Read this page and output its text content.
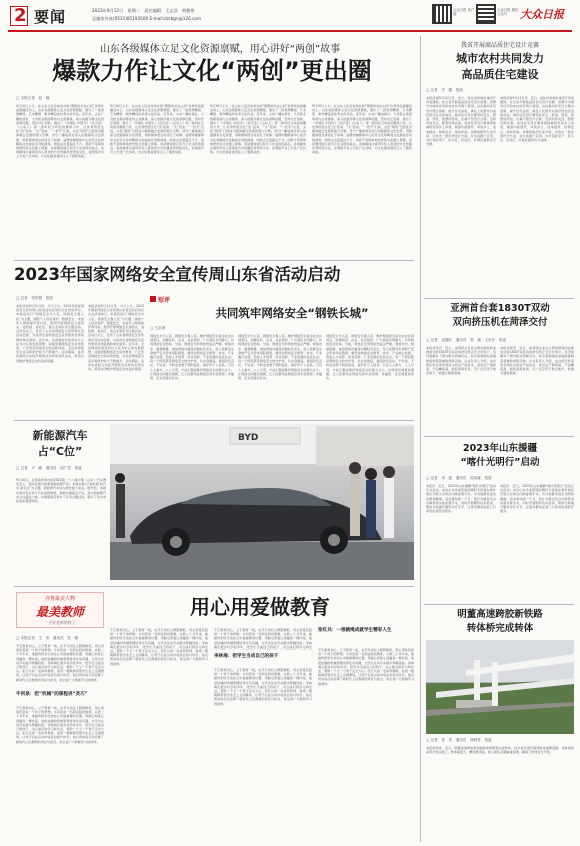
2 要闻	2023年9月12日　星期二　责任编辑　王志浩　黄翼伟
总编室传真(0531)85193500 E-mail:dzrbgn@126.com
大众日报 客户端
大众日报 微信公众号	大众日报
山东各级媒体立足文化资源禀赋，用心讲好“两创”故事
爆款力作让文化“两创”更出圈
□ 本报记者　赵　楠
9月10日上午，在山东人民会堂举办的“理想的光在心间”优秀作品展播活动上，山东各级媒体立足文化资源禀赋，推出了一批思想精深、艺术精湛、制作精良的优秀文化作品。近年来，山东广播电视台、大众报业集团等省内主流媒体，深入挖掘齐鲁文化的深厚底蕴，坚持守正创新，推出了《中国礼 中国乐》《戏宇宙》《山东人》等一批叫好又叫座的爆款力作，让优秀传统文化“活”起来、“火”起来。“一把手”们说，文化“两创”已经成为媒体融合发展的强大引擎。济宁广播电视台深入挖掘儒家文化资源，用新媒体语言讲述孔子故事；淄博市融媒体中心把齐文化和陶琉文化做成系列短视频，网络点击量超过千万。创新不是简单地把传统文化搬上屏幕，而是要找到它和当下生活的连接点。各地媒体注重用年轻人喜欢的方式传播优秀传统文化，在网络平台上引发广泛共鸣，为文化强省建设注入了强劲动能。
9月10日上午，在山东人民会堂举办的“理想的光在心间”优秀作品展播活动上，山东各级媒体立足文化资源禀赋，推出了一批思想精深、艺术精湛、制作精良的优秀文化作品。近年来，山东广播电视台、大众报业集团等省内主流媒体，深入挖掘齐鲁文化的深厚底蕴，坚持守正创新，推出了《中国礼 中国乐》《戏宇宙》《山东人》等一批叫好又叫座的爆款力作，让优秀传统文化“活”起来、“火”起来。“一把手”们说，文化“两创”已经成为媒体融合发展的强大引擎。济宁广播电视台深入挖掘儒家文化资源，用新媒体语言讲述孔子故事；淄博市融媒体中心把齐文化和陶琉文化做成系列短视频，网络点击量超过千万。创新不是简单地把传统文化搬上屏幕，而是要找到它和当下生活的连接点。各地媒体注重用年轻人喜欢的方式传播优秀传统文化，在网络平台上引发广泛共鸣，为文化强省建设注入了强劲动能。
9月10日上午，在山东人民会堂举办的“理想的光在心间”优秀作品展播活动上，山东各级媒体立足文化资源禀赋，推出了一批思想精深、艺术精湛、制作精良的优秀文化作品。近年来，山东广播电视台、大众报业集团等省内主流媒体，深入挖掘齐鲁文化的深厚底蕴，坚持守正创新，推出了《中国礼 中国乐》《戏宇宙》《山东人》等一批叫好又叫座的爆款力作，让优秀传统文化“活”起来、“火”起来。“一把手”们说，文化“两创”已经成为媒体融合发展的强大引擎。济宁广播电视台深入挖掘儒家文化资源，用新媒体语言讲述孔子故事；淄博市融媒体中心把齐文化和陶琉文化做成系列短视频，网络点击量超过千万。创新不是简单地把传统文化搬上屏幕，而是要找到它和当下生活的连接点。各地媒体注重用年轻人喜欢的方式传播优秀传统文化，在网络平台上引发广泛共鸣，为文化强省建设注入了强劲动能。
9月10日上午，在山东人民会堂举办的“理想的光在心间”优秀作品展播活动上，山东各级媒体立足文化资源禀赋，推出了一批思想精深、艺术精湛、制作精良的优秀文化作品。近年来，山东广播电视台、大众报业集团等省内主流媒体，深入挖掘齐鲁文化的深厚底蕴，坚持守正创新，推出了《中国礼 中国乐》《戏宇宙》《山东人》等一批叫好又叫座的爆款力作，让优秀传统文化“活”起来、“火”起来。“一把手”们说，文化“两创”已经成为媒体融合发展的强大引擎。济宁广播电视台深入挖掘儒家文化资源，用新媒体语言讲述孔子故事；淄博市融媒体中心把齐文化和陶琉文化做成系列短视频，网络点击量超过千万。创新不是简单地把传统文化搬上屏幕，而是要找到它和当下生活的连接点。各地媒体注重用年轻人喜欢的方式传播优秀传统文化，在网络平台上引发广泛共鸣，为文化强省建设注入了强劲动能。
2023年国家网络安全宣传周山东省活动启动
□ 记者　张依盟　报道
本报济南9月11日讯　今天上午，2023年国家网络安全宣传周山东省活动启动仪式在济南举行。本届活动以“网络安全为人民，网络安全靠人民”为主题，围绕个人信息保护、数据安全、未成年人网络保护等内容，组织开展网络安全进机关、进校园、进社区、进企业等系列主题活动。启动仪式上，发布了山东省网络安全宣传周系列活动安排，为获得全省网络安全宣传教育优秀案例的单位颁奖。近年来，全省网信系统坚持以人民为中心的发展思想，持续加强网络安全宣传教育，广泛普及网络安全知识和技能，全社会网络安全意识和防护能力不断提升。活动期间，各市也将结合实际开展形式多样的宣传活动，营造共同维护网络安全的良好氛围。
本报济南9月11日讯　今天上午，2023年国家网络安全宣传周山东省活动启动仪式在济南举行。本届活动以“网络安全为人民，网络安全靠人民”为主题，围绕个人信息保护、数据安全、未成年人网络保护等内容，组织开展网络安全进机关、进校园、进社区、进企业等系列主题活动。启动仪式上，发布了山东省网络安全宣传周系列活动安排，为获得全省网络安全宣传教育优秀案例的单位颁奖。近年来，全省网信系统坚持以人民为中心的发展思想，持续加强网络安全宣传教育，广泛普及网络安全知识和技能，全社会网络安全意识和防护能力不断提升。活动期间，各市也将结合实际开展形式多样的宣传活动，营造共同维护网络安全的良好氛围。
短评
共同筑牢网络安全“钢铁长城”
□ 王洪涛
网络安全为人民，网络安全靠人民。维护网络安全是全社会共同责任，需要政府、企业、社会组织、广大网民共同参与，共筑网络安全防线。当前，网络安全形势依然复杂严峻，网络攻击、数据泄露、电信网络诈骗等问题时有发生，给人民群众生命财产安全带来风险隐患。要坚持网络安全教育、技术、产业融合发展，形成人才培养、技术创新、产业发展的良性生态。每一个网民都是网络安全的守护者，从自身做起，提高防范意识，不轻信、不转发来源不明的信息，保护好个人信息。只有人人参与、人人尽责，才能汇聚起维护网络安全的强大合力，让网络空间更加清朗，让人民群众在网络空间中获得感、幸福感、安全感更加充实。
网络安全为人民，网络安全靠人民。维护网络安全是全社会共同责任，需要政府、企业、社会组织、广大网民共同参与，共筑网络安全防线。当前，网络安全形势依然复杂严峻，网络攻击、数据泄露、电信网络诈骗等问题时有发生，给人民群众生命财产安全带来风险隐患。要坚持网络安全教育、技术、产业融合发展，形成人才培养、技术创新、产业发展的良性生态。每一个网民都是网络安全的守护者，从自身做起，提高防范意识，不轻信、不转发来源不明的信息，保护好个人信息。只有人人参与、人人尽责，才能汇聚起维护网络安全的强大合力，让网络空间更加清朗，让人民群众在网络空间中获得感、幸福感、安全感更加充实。
网络安全为人民，网络安全靠人民。维护网络安全是全社会共同责任，需要政府、企业、社会组织、广大网民共同参与，共筑网络安全防线。当前，网络安全形势依然复杂严峻，网络攻击、数据泄露、电信网络诈骗等问题时有发生，给人民群众生命财产安全带来风险隐患。要坚持网络安全教育、技术、产业融合发展，形成人才培养、技术创新、产业发展的良性生态。每一个网民都是网络安全的守护者，从自身做起，提高防范意识，不轻信、不转发来源不明的信息，保护好个人信息。只有人人参与、人人尽责，才能汇聚起维护网络安全的强大合力，让网络空间更加清朗，让人民群众在网络空间中获得感、幸福感、安全感更加充实。
新能源汽车
占“C位”
□ 记者　卢　鹏　通讯员　周广君　报道
9月10日，在济南市举办的2023第二十八届中国（山东）汽车博览会上，观众在展台前参观新能源汽车。本届车展以“新能源 新汽车 新生活”为主题，新能源汽车成为展会最大亮点。据介绍，本届车展共有百余个汽车品牌参展，参展车辆超过千台，其中新能源汽车占比超过六成。车展期间还举办了系列主题活动，吸引了众多市民前来观展购车。
BYD
齐鲁最美人物
最美教师
一名好老师的样子
用心用爱做教育
□ 本报记者　王　伟　通讯员　张　娜
不忘教育初心，立于教育一线，在平凡岗位上默默耕耘，用心用爱托起每一个孩子的梦想。牛河泉是一名职业院校教师，从教二十多年来，他始终把学生放在心中最重要的位置，用耐心和爱心浇灌每一棵幼苗。他把枯燥的机械原理讲得生动有趣，让学生在动手实践中掌握技能。李林海扎根乡村学校多年，把学生当成自己的孩子，关心他们的学习和生活，帮助一个又一个孩子走出大山。张红兵是一名体育教师，他用一根跳绳带领学生走上全国赛场，让孩子们在运动中收获自信与快乐。他们用实际行动诠释了新时代人民教师的责任与担当，是全省广大教师学习的榜样。
牛河泉：把“机械”的课程讲“灵巧”
不忘教育初心，立于教育一线，在平凡岗位上默默耕耘，用心用爱托起每一个孩子的梦想。牛河泉是一名职业院校教师，从教二十多年来，他始终把学生放在心中最重要的位置，用耐心和爱心浇灌每一棵幼苗。他把枯燥的机械原理讲得生动有趣，让学生在动手实践中掌握技能。李林海扎根乡村学校多年，把学生当成自己的孩子，关心他们的学习和生活，帮助一个又一个孩子走出大山。张红兵是一名体育教师，他用一根跳绳带领学生走上全国赛场，让孩子们在运动中收获自信与快乐。他们用实际行动诠释了新时代人民教师的责任与担当，是全省广大教师学习的榜样。
不忘教育初心，立于教育一线，在平凡岗位上默默耕耘，用心用爱托起每一个孩子的梦想。牛河泉是一名职业院校教师，从教二十多年来，他始终把学生放在心中最重要的位置，用耐心和爱心浇灌每一棵幼苗。他把枯燥的机械原理讲得生动有趣，让学生在动手实践中掌握技能。李林海扎根乡村学校多年，把学生当成自己的孩子，关心他们的学习和生活，帮助一个又一个孩子走出大山。张红兵是一名体育教师，他用一根跳绳带领学生走上全国赛场，让孩子们在运动中收获自信与快乐。他们用实际行动诠释了新时代人民教师的责任与担当，是全省广大教师学习的榜样。
不忘教育初心，立于教育一线，在平凡岗位上默默耕耘，用心用爱托起每一个孩子的梦想。牛河泉是一名职业院校教师，从教二十多年来，他始终把学生放在心中最重要的位置，用耐心和爱心浇灌每一棵幼苗。他把枯燥的机械原理讲得生动有趣，让学生在动手实践中掌握技能。李林海扎根乡村学校多年，把学生当成自己的孩子，关心他们的学习和生
李林海：把学生当成自己的孩子
不忘教育初心，立于教育一线，在平凡岗位上默默耕耘，用心用爱托起每一个孩子的梦想。牛河泉是一名职业院校教师，从教二十多年来，他始终把学生放在心中最重要的位置，用耐心和爱心浇灌每一棵幼苗。他把枯燥的机械原理讲得生动有趣，让学生在动手实践中掌握技能。李林海扎根乡村学校多年，把学生当成自己的孩子，关心他们的学习和生活，帮助一个又一个孩子走出大山。张红兵是一名体育教师，他用一根跳绳带领学生走上全国赛场，让孩子们在运动中收获自信与快乐。他们用实际行动诠释了新时代人民教师的责任与担当，是全省广大教师学习的榜样。
张红兵：一根跳绳成就学生精彩人生
不忘教育初心，立于教育一线，在平凡岗位上默默耕耘，用心用爱托起每一个孩子的梦想。牛河泉是一名职业院校教师，从教二十多年来，他始终把学生放在心中最重要的位置，用耐心和爱心浇灌每一棵幼苗。他把枯燥的机械原理讲得生动有趣，让学生在动手实践中掌握技能。李林海扎根乡村学校多年，把学生当成自己的孩子，关心他们的学习和生活，帮助一个又一个孩子走出大山。张红兵是一名体育教师，他用一根跳绳带领学生走上全国赛场，让孩子们在运动中收获自信与快乐。他们用实际行动诠释了新时代人民教师的责任与担当，是全省广大教师学习的榜样。
我省开展商品质住宅设计竞赛
城市农村共同发力
高品质住宅建设
□ 记者　齐　鑫　报道
本报济南9月11日讯　近日，省住房和城乡建设厅印发通知，在全省开展高品质住宅设计竞赛。竞赛分为城市住宅和农村住宅两个类别，旨在推动住宅设计理念创新，提升住宅品质，满足人民群众对美好居住生活的向往。城市住宅设计要坚持安全、舒适、绿色、智慧的原则，注重户型设计合理、空间布局灵活、配套设施完善。农村住宅设计要体现地域特色和乡土风貌，做到功能现代、风貌乡土、成本经济、结构安全、绿色环保。竞赛将组织专家评审，评选出一批优秀设计方案，在全省推广应用，为打造好房子、好小区、好社区、好城区提供有力支撑。
本报济南9月11日讯　近日，省住房和城乡建设厅印发通知，在全省开展高品质住宅设计竞赛。竞赛分为城市住宅和农村住宅两个类别，旨在推动住宅设计理念创新，提升住宅品质，满足人民群众对美好居住生活的向往。城市住宅设计要坚持安全、舒适、绿色、智慧的原则，注重户型设计合理、空间布局灵活、配套设施完善。农村住宅设计要体现地域特色和乡土风貌，做到功能现代、风貌乡土、成本经济、结构安全、绿色环保。竞赛将组织专家评审，评选出一批优秀设计方案，在全省推广应用，为打造好房子、好小区、好社区、好城区提供有力支撑。
亚洲首台套1830T双动
双向挤压机在菏泽交付
□ 记者　孟德旺　通讯员　郑　斌　王东东　报道
本报菏泽讯　近日，由菏泽企业自主研发制造的亚洲首台套1830T双动双向挤压机正式交付用户。该设备填补了国内相关领域空白，标志着我国在高端装备制造领域取得新突破。企业负责人介绍，这台挤压机采用多项自主知识产权技术，具有生产效率高、产品精度高、能耗低等优势，可广泛应用于航空航天、轨道交通等领域。
本报菏泽讯　近日，由菏泽企业自主研发制造的亚洲首台套1830T双动双向挤压机正式交付用户。该设备填补了国内相关领域空白，标志着我国在高端装备制造领域取得新突破。企业负责人介绍，这台挤压机采用多项自主知识产权技术，具有生产效率高、产品精度高、能耗低等优势，可广泛应用于航空航天、轨道交通等领域。
2023年山东援疆
“喀什光明行”启动
□ 记者　李　振　通讯员　周泊霖　报道
本报讯　近日，2023年山东援疆“喀什光明行”活动正式启动。来自山东多家医院的眼科专家将在喀什地区开展义诊和白内障复明手术，为当地群众送去光明和健康。活动将持续一个月，预计为数百名白内障患者实施免费手术，同时开展眼科技术培训，帮助当地提升眼科诊疗水平，让更多群众在家门口享受优质医疗服务。
本报讯　近日，2023年山东援疆“喀什光明行”活动正式启动。来自山东多家医院的眼科专家将在喀什地区开展义诊和白内障复明手术，为当地群众送去光明和健康。活动将持续一个月，预计为数百名白内障患者实施免费手术，同时开展眼科技术培训，帮助当地提升眼科诊疗水平，让更多群众在家门口享受优质医疗服务。
明董高速跨胶新铁路
转体桥完成转体
□ 记者　常　青　通讯员　杨明哲　报道
本报济南讯　近日，明董高速跨胶新铁路转体桥顺利完成转体，标志着该项目建设取得重要进展。该转体桥采用平转法施工，转体重量大、精度要求高，施工团队克服重重困难，确保了转体安全平稳。
